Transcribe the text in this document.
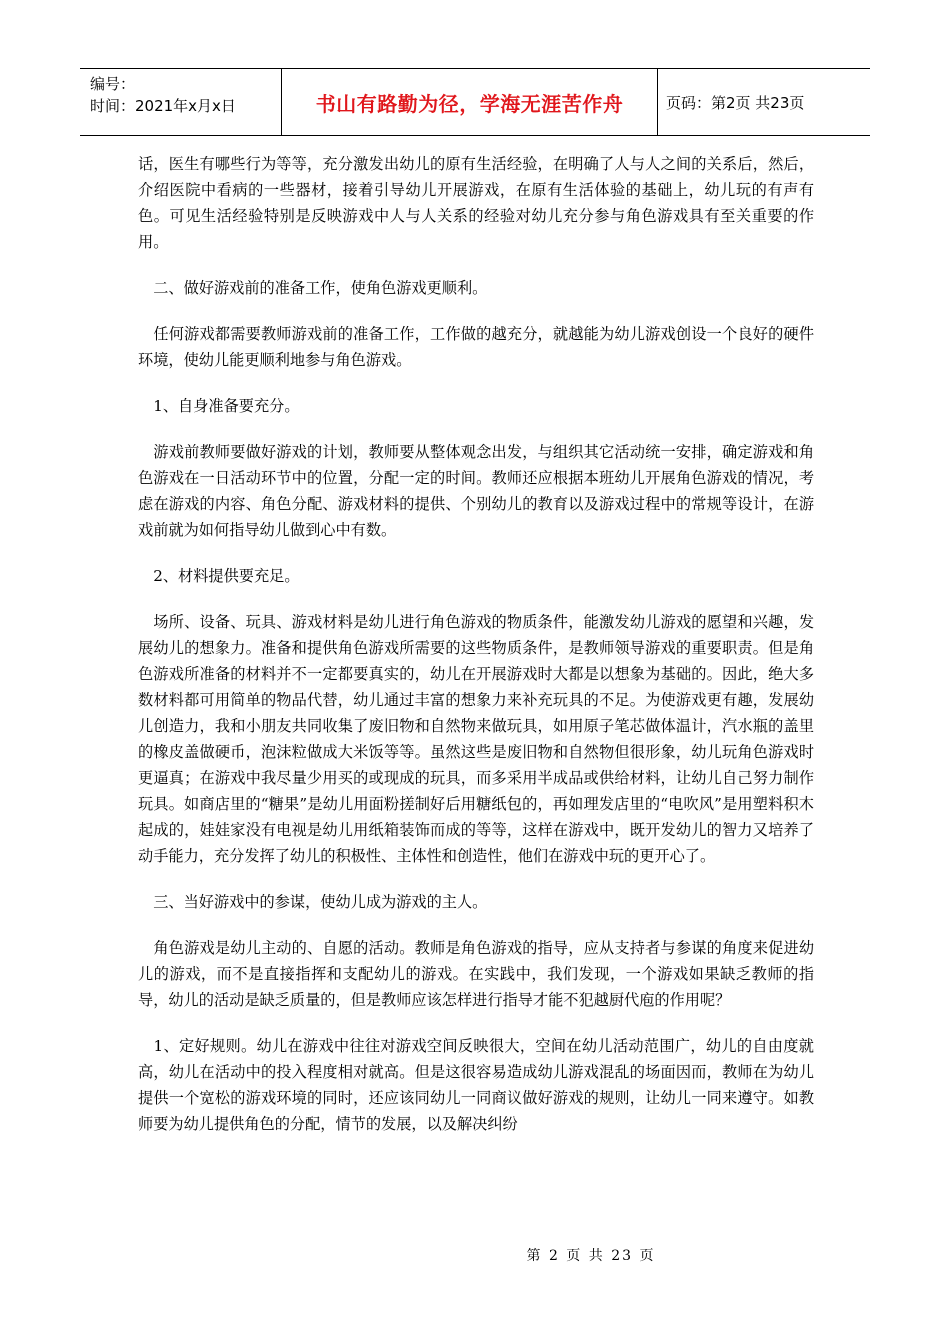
编号：
时间：2021年x月x日	书山有路勤为径，学海无涯苦作舟	页码：第2页 共23页

话，医生有哪些行为等等，充分激发出幼儿的原有生活经验，在明确了人与人之间的关系后，然后，介绍医院中看病的一些器材，接着引导幼儿开展游戏，在原有生活体验的基础上，幼儿玩的有声有色。可见生活经验特别是反映游戏中人与人关系的经验对幼儿充分参与角色游戏具有至关重要的作用。

　二、做好游戏前的准备工作，使角色游戏更顺利。

　任何游戏都需要教师游戏前的准备工作，工作做的越充分，就越能为幼儿游戏创设一个良好的硬件环境，使幼儿能更顺利地参与角色游戏。

　1、自身准备要充分。

　游戏前教师要做好游戏的计划，教师要从整体观念出发，与组织其它活动统一安排，确定游戏和角色游戏在一日活动环节中的位置，分配一定的时间。教师还应根据本班幼儿开展角色游戏的情况，考虑在游戏的内容、角色分配、游戏材料的提供、个别幼儿的教育以及游戏过程中的常规等设计，在游戏前就为如何指导幼儿做到心中有数。

　2、材料提供要充足。

　场所、设备、玩具、游戏材料是幼儿进行角色游戏的物质条件，能激发幼儿游戏的愿望和兴趣，发展幼儿的想象力。准备和提供角色游戏所需要的这些物质条件，是教师领导游戏的重要职责。但是角色游戏所准备的材料并不一定都要真实的，幼儿在开展游戏时大都是以想象为基础的。因此，绝大多数材料都可用简单的物品代替，幼儿通过丰富的想象力来补充玩具的不足。为使游戏更有趣，发展幼儿创造力，我和小朋友共同收集了废旧物和自然物来做玩具，如用原子笔芯做体温计，汽水瓶的盖里的橡皮盖做硬币，泡沫粒做成大米饭等等。虽然这些是废旧物和自然物但很形象，幼儿玩角色游戏时更逼真；在游戏中我尽量少用买的或现成的玩具，而多采用半成品或供给材料，让幼儿自己努力制作玩具。如商店里的“糖果”是幼儿用面粉搓制好后用糖纸包的，再如理发店里的“电吹风”是用塑料积木起成的，娃娃家没有电视是幼儿用纸箱装饰而成的等等，这样在游戏中，既开发幼儿的智力又培养了动手能力，充分发挥了幼儿的积极性、主体性和创造性，他们在游戏中玩的更开心了。

　三、当好游戏中的参谋，使幼儿成为游戏的主人。

　角色游戏是幼儿主动的、自愿的活动。教师是角色游戏的指导，应从支持者与参谋的角度来促进幼儿的游戏，而不是直接指挥和支配幼儿的游戏。在实践中，我们发现，一个游戏如果缺乏教师的指导，幼儿的活动是缺乏质量的，但是教师应该怎样进行指导才能不犯越厨代庖的作用呢？

　1、定好规则。幼儿在游戏中往往对游戏空间反映很大，空间在幼儿活动范围广，幼儿的自由度就高，幼儿在活动中的投入程度相对就高。但是这很容易造成幼儿游戏混乱的场面因而，教师在为幼儿提供一个宽松的游戏环境的同时，还应该同幼儿一同商议做好游戏的规则，让幼儿一同来遵守。如教师要为幼儿提供角色的分配，情节的发展，以及解决纠纷

第 2 页 共 23 页
